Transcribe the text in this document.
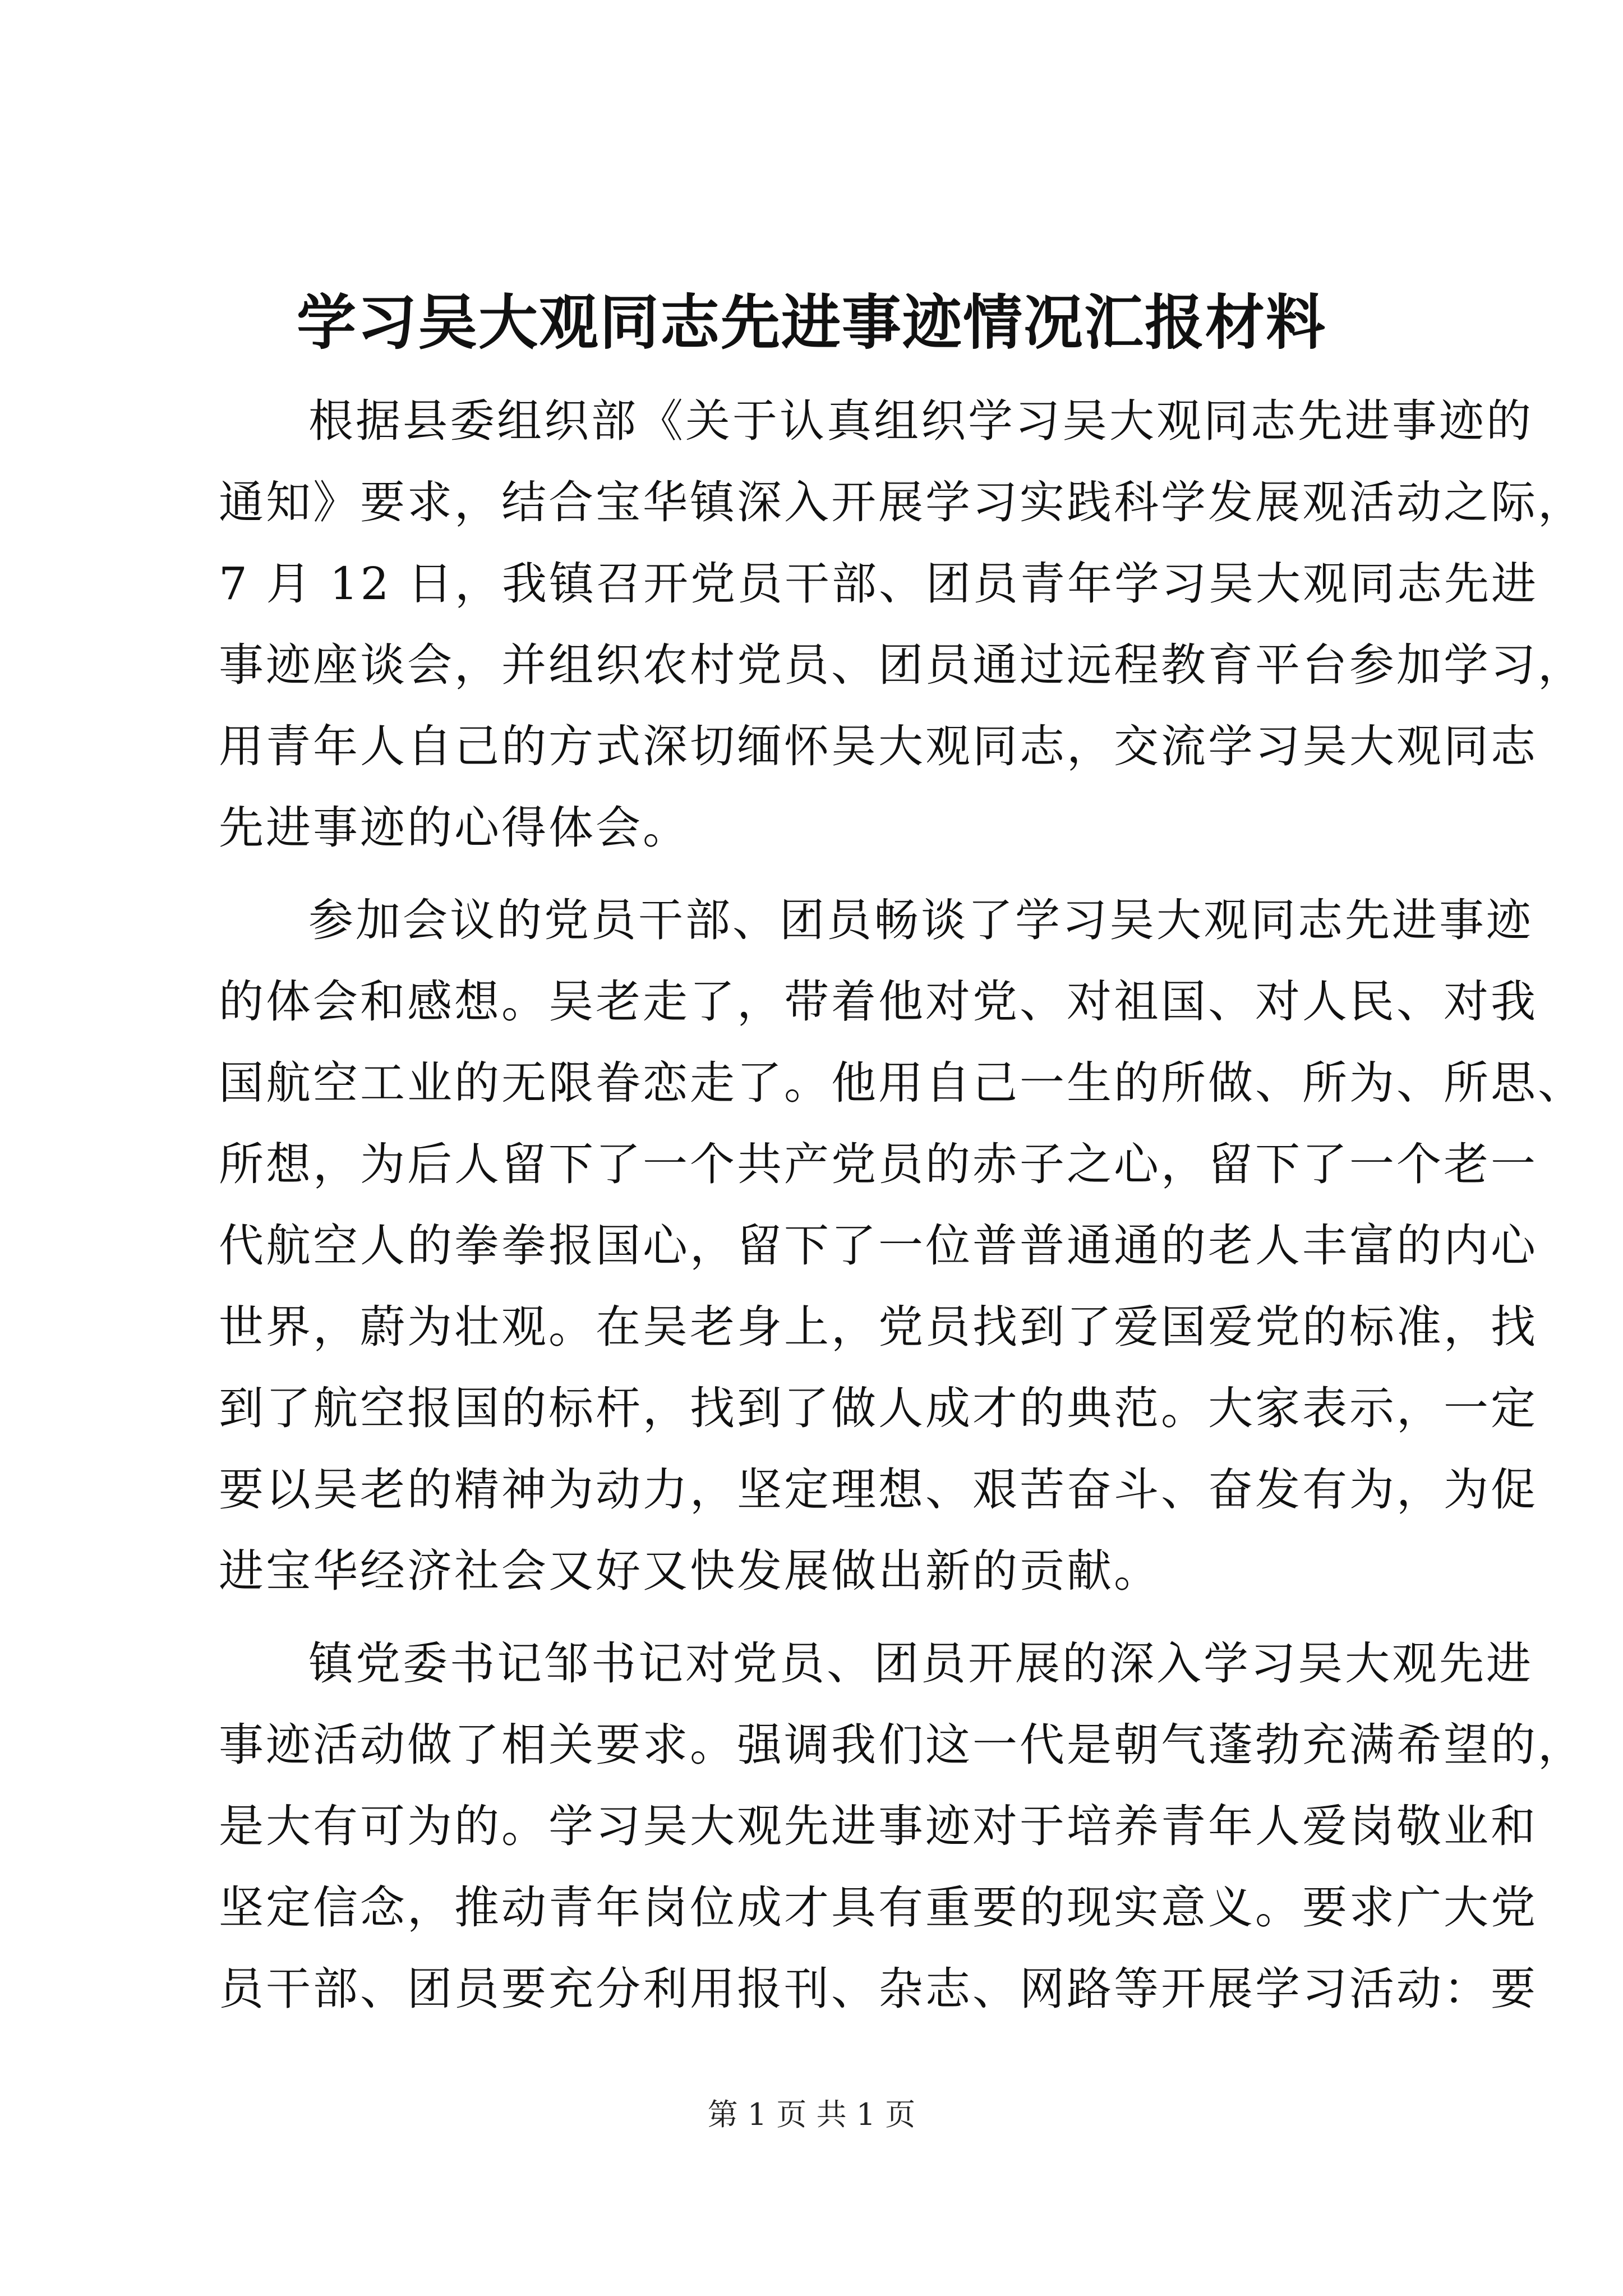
学习吴大观同志先进事迹情况汇报材料
根据县委组织部《关于认真组织学习吴大观同志先进事迹的
通知》要求，结合宝华镇深入开展学习实践科学发展观活动之际，
7 月 12 日，我镇召开党员干部、团员青年学习吴大观同志先进
事迹座谈会，并组织农村党员、团员通过远程教育平台参加学习，
用青年人自己的方式深切缅怀吴大观同志，交流学习吴大观同志
先进事迹的心得体会。
参加会议的党员干部、团员畅谈了学习吴大观同志先进事迹
的体会和感想。吴老走了，带着他对党、对祖国、对人民、对我
国航空工业的无限眷恋走了。他用自己一生的所做、所为、所思、
所想，为后人留下了一个共产党员的赤子之心，留下了一个老一
代航空人的拳拳报国心，留下了一位普普通通的老人丰富的内心
世界，蔚为壮观。在吴老身上，党员找到了爱国爱党的标准，找
到了航空报国的标杆，找到了做人成才的典范。大家表示，一定
要以吴老的精神为动力，坚定理想、艰苦奋斗、奋发有为，为促
进宝华经济社会又好又快发展做出新的贡献。
镇党委书记邹书记对党员、团员开展的深入学习吴大观先进
事迹活动做了相关要求。强调我们这一代是朝气蓬勃充满希望的，
是大有可为的。学习吴大观先进事迹对于培养青年人爱岗敬业和
坚定信念，推动青年岗位成才具有重要的现实意义。要求广大党
员干部、团员要充分利用报刊、杂志、网路等开展学习活动：要
第 1 页 共 1 页
